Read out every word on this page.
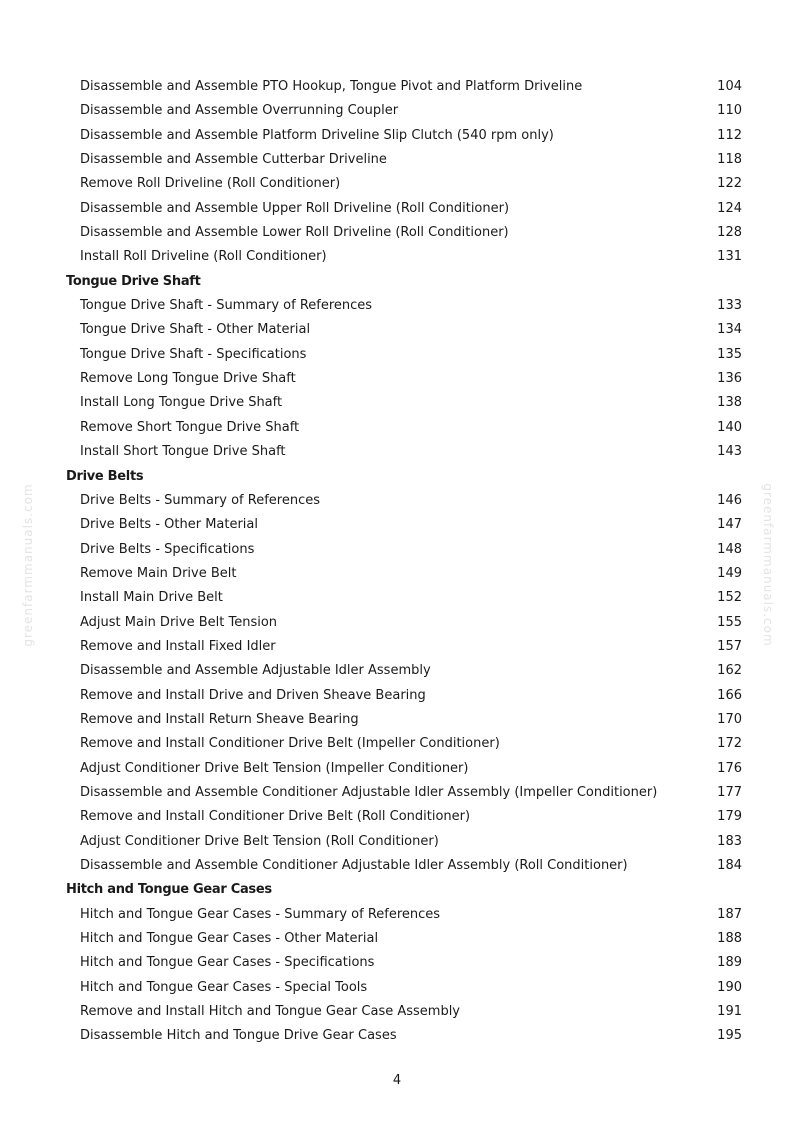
Disassemble and Assemble PTO Hookup, Tongue Pivot and Platform Driveline	104
Disassemble and Assemble Overrunning Coupler	110
Disassemble and Assemble Platform Driveline Slip Clutch (540 rpm only)	112
Disassemble and Assemble Cutterbar Driveline	118
Remove Roll Driveline (Roll Conditioner)	122
Disassemble and Assemble Upper Roll Driveline (Roll Conditioner)	124
Disassemble and Assemble Lower Roll Driveline (Roll Conditioner)	128
Install Roll Driveline (Roll Conditioner)	131
Tongue Drive Shaft
Tongue Drive Shaft - Summary of References	133
Tongue Drive Shaft - Other Material	134
Tongue Drive Shaft - Specifications	135
Remove Long Tongue Drive Shaft	136
Install Long Tongue Drive Shaft	138
Remove Short Tongue Drive Shaft	140
Install Short Tongue Drive Shaft	143
Drive Belts
Drive Belts - Summary of References	146
Drive Belts - Other Material	147
Drive Belts - Specifications	148
Remove Main Drive Belt	149
Install Main Drive Belt	152
Adjust Main Drive Belt Tension	155
Remove and Install Fixed Idler	157
Disassemble and Assemble Adjustable Idler Assembly	162
Remove and Install Drive and Driven Sheave Bearing	166
Remove and Install Return Sheave Bearing	170
Remove and Install Conditioner Drive Belt (Impeller Conditioner)	172
Adjust Conditioner Drive Belt Tension (Impeller Conditioner)	176
Disassemble and Assemble Conditioner Adjustable Idler Assembly (Impeller Conditioner)	177
Remove and Install Conditioner Drive Belt (Roll Conditioner)	179
Adjust Conditioner Drive Belt Tension (Roll Conditioner)	183
Disassemble and Assemble Conditioner Adjustable Idler Assembly (Roll Conditioner)	184
Hitch and Tongue Gear Cases
Hitch and Tongue Gear Cases - Summary of References	187
Hitch and Tongue Gear Cases - Other Material	188
Hitch and Tongue Gear Cases - Specifications	189
Hitch and Tongue Gear Cases - Special Tools	190
Remove and Install Hitch and Tongue Gear Case Assembly	191
Disassemble Hitch and Tongue Drive Gear Cases	195
greenfarmmanuals.com	greenfarmmanuals.com
4
